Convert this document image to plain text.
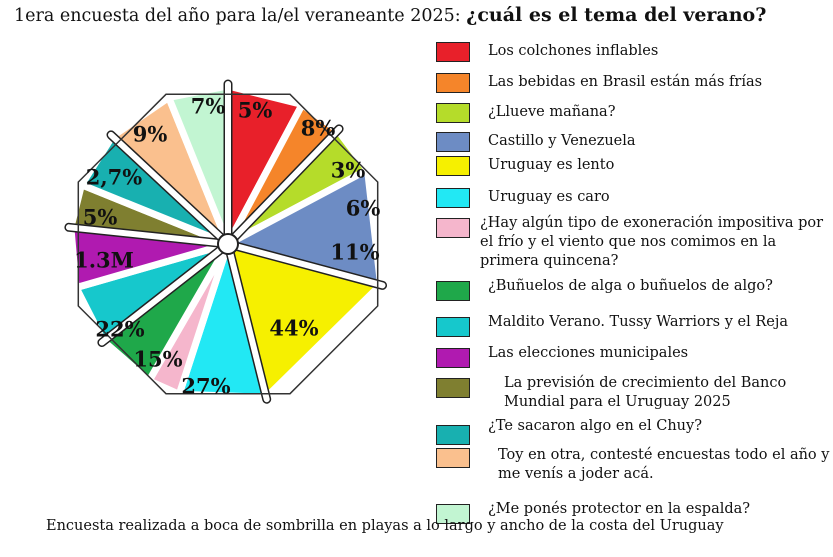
1era encuesta del año para la/el veraneante 2025: ¿cuál es el tema del verano?
8%
3%
6%
11%
44%
27%
15%
22%
1.3M
5%
2,7%
9%
7% 5%
Los colchones inflables
Las bebidas en Brasil están más frías
¿Llueve mañana?
Castillo y Venezuela
Uruguay es lento
Uruguay es caro
¿Hay algún tipo de exoneración impositiva por el frío y el viento que nos comimos en la primera quincena?
¿Buñuelos de alga o buñuelos de algo?
Maldito Verano. Tussy Warriors y el Reja
Las elecciones municipales
La previsión de crecimiento del Banco Mundial para el Uruguay 2025
¿Te sacaron algo en el Chuy?
Toy en otra, contesté encuestas todo el año y me venís a joder acá.
¿Me ponés protector en la espalda?
Encuesta realizada a boca de sombrilla en playas a lo largo y ancho de la costa del Uruguay
